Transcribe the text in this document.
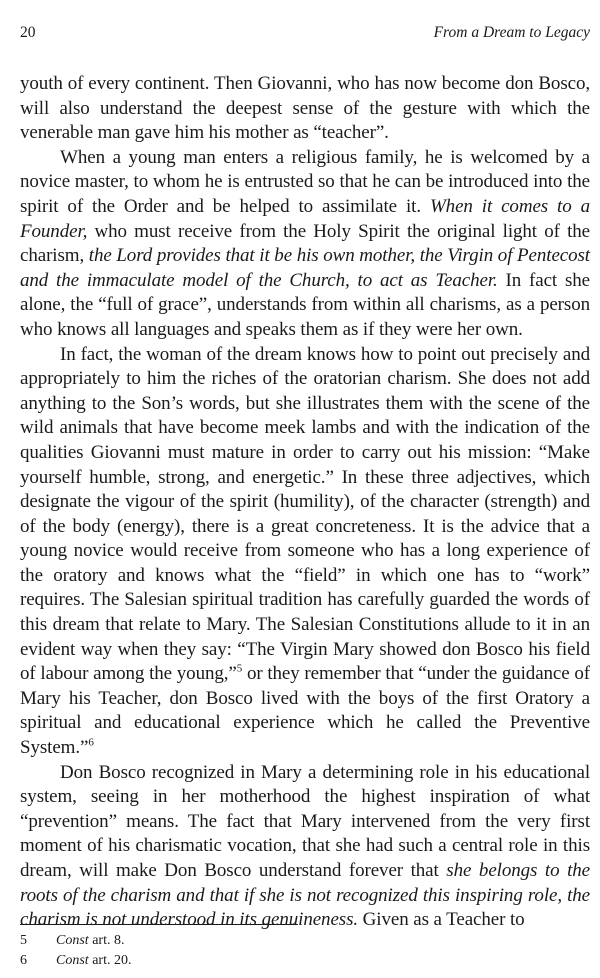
20	From a Dream to Legacy

youth of every continent. Then Giovanni, who has now become don Bosco, will also understand the deepest sense of the gesture with which the venerable man gave him his mother as “teacher”.

When a young man enters a religious family, he is welcomed by a novice master, to whom he is entrusted so that he can be introduced into the spirit of the Order and be helped to assimilate it. When it comes to a Founder, who must receive from the Holy Spirit the original light of the charism, the Lord provides that it be his own mother, the Virgin of Pentecost and the immaculate model of the Church, to act as Teacher. In fact she alone, the “full of grace”, understands from within all charisms, as a person who knows all languages and speaks them as if they were her own.

In fact, the woman of the dream knows how to point out precisely and appropriately to him the riches of the oratorian charism. She does not add anything to the Son’s words, but she illustrates them with the scene of the wild animals that have become meek lambs and with the indication of the qualities Giovanni must mature in order to carry out his mission: “Make yourself humble, strong, and energetic.” In these three adjectives, which designate the vigour of the spirit (humility), of the character (strength) and of the body (energy), there is a great concreteness. It is the advice that a young novice would receive from someone who has a long experience of the oratory and knows what the “field” in which one has to “work” requires. The Salesian spiritual tradition has carefully guarded the words of this dream that relate to Mary. The Salesian Constitutions allude to it in an evident way when they say: “The Virgin Mary showed don Bosco his field of labour among the young,”$^5$ or they remember that “under the guidance of Mary his Teacher, don Bosco lived with the boys of the first Oratory a spiritual and educational experience which he called the Preventive System.”$^6$

Don Bosco recognized in Mary a determining role in his educational system, seeing in her motherhood the highest inspiration of what “prevention” means. The fact that Mary intervened from the very first moment of his charismatic vocation, that she had such a central role in this dream, will make Don Bosco understand forever that she belongs to the roots of the charism and that if she is not recognized this inspiring role, the charism is not understood in its genuineness. Given as a Teacher to

5	Const art. 8.
6	Const art. 20.
